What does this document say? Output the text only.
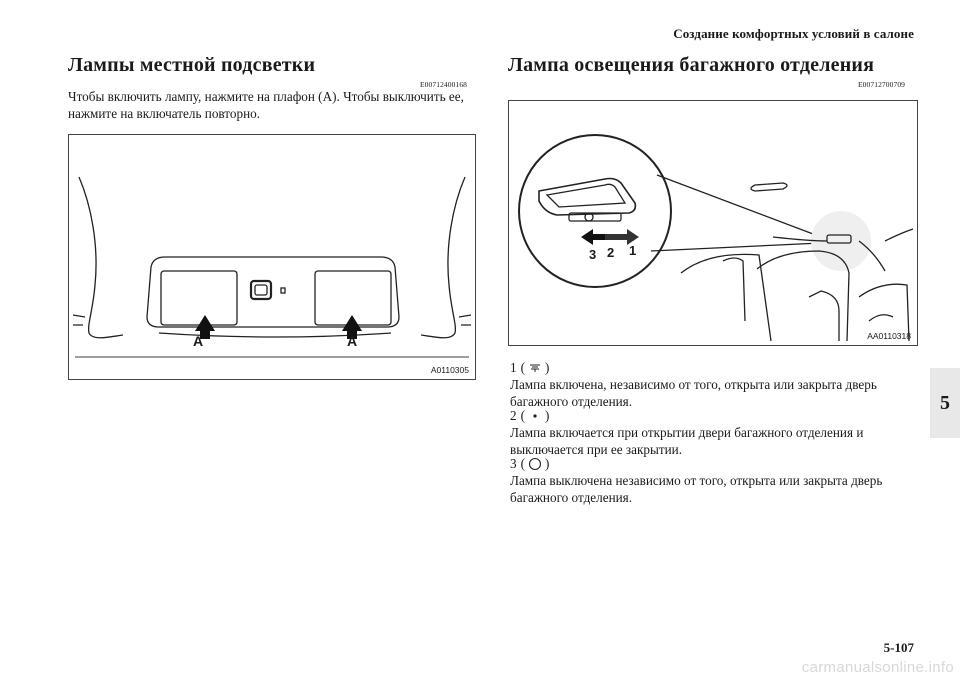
Создание комфортных условий в салоне
Лампы местной подсветки
E00712400168

Чтобы включить лампу, нажмите на плафон (А). Чтобы выключить ее, нажмите на включатель повторно.

A	A
A0110305
Лампа освещения багажного отделения
E00712700709
3 2 1
AA0110318
1 ( )

Лампа включена, независимо от того, открыта или закрыта дверь багажного отделения.

2 ( )

Лампа включается при открытии двери багажного отделения и выключается при ее закрытии.

3 ( )

Лампа выключена независимо от того, открыта или закрыта дверь багажного отделения.

5
5-107
carmanualsonline.info
